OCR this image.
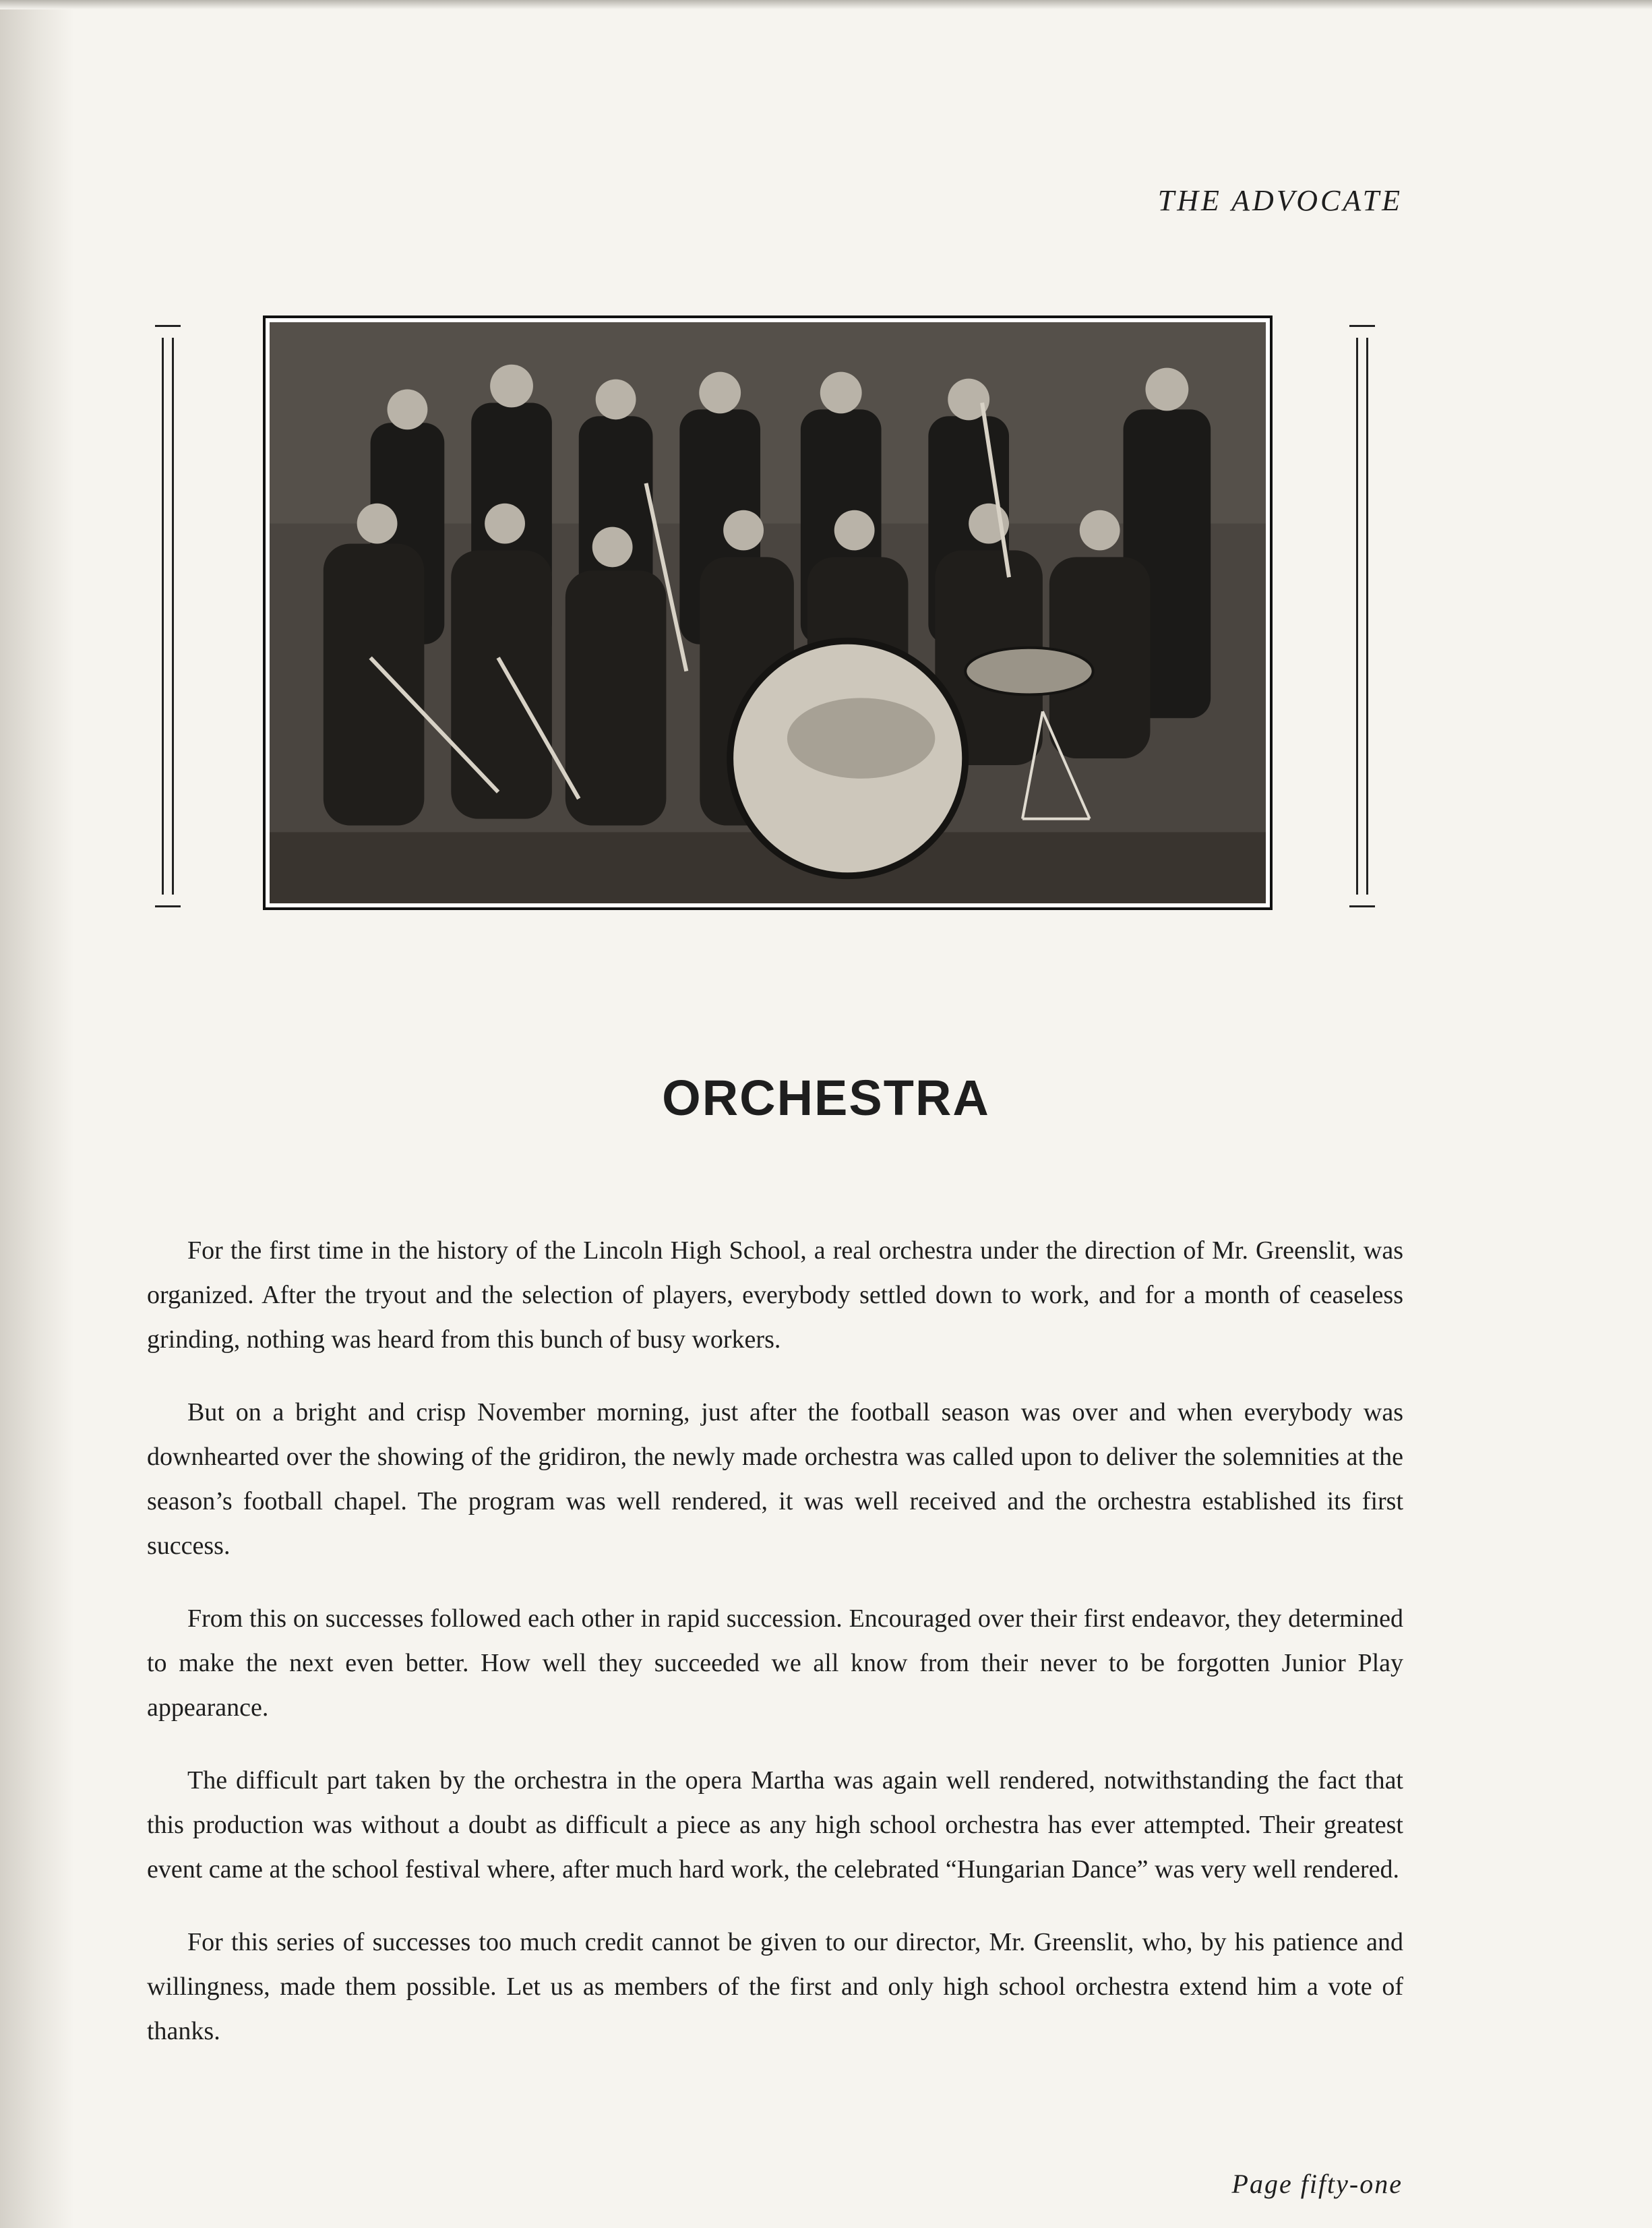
THE ADVOCATE
ORCHESTRA

For the first time in the history of the Lincoln High School, a real orchestra under the direction of Mr. Greenslit, was organized. After the tryout and the selection of players, everybody settled down to work, and for a month of ceaseless grinding, nothing was heard from this bunch of busy workers.

But on a bright and crisp November morning, just after the football season was over and when everybody was downhearted over the showing of the gridiron, the newly made orchestra was called upon to deliver the solemnities at the season’s football chapel. The program was well rendered, it was well received and the orchestra established its first success.

From this on successes followed each other in rapid succession. Encouraged over their first endeavor, they determined to make the next even better. How well they succeeded we all know from their never to be forgotten Junior Play appearance.

The difficult part taken by the orchestra in the opera Martha was again well rendered, notwithstanding the fact that this production was without a doubt as difficult a piece as any high school orchestra has ever attempted. Their greatest event came at the school festival where, after much hard work, the celebrated “Hungarian Dance” was very well rendered.

For this series of successes too much credit cannot be given to our director, Mr. Greenslit, who, by his patience and willingness, made them possible. Let us as members of the first and only high school orchestra extend him a vote of thanks.

Page fifty-one
